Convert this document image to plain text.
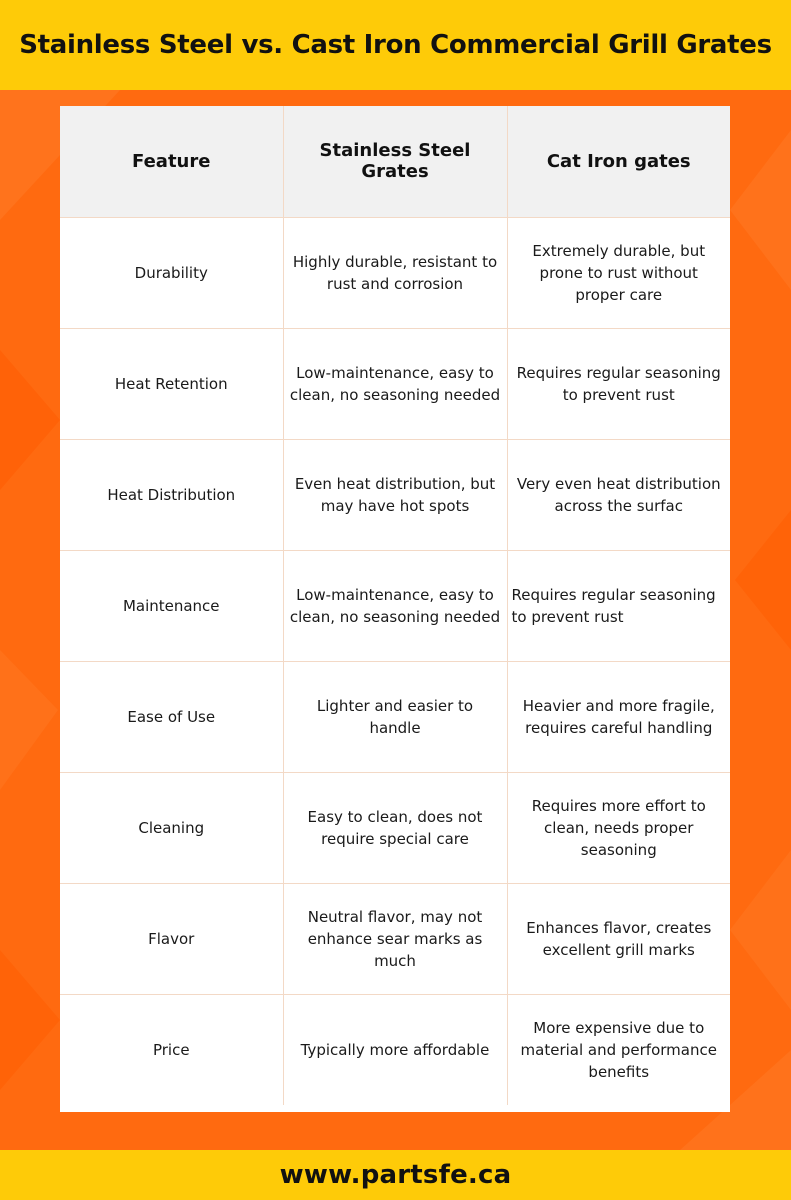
Stainless Steel vs. Cast Iron Commercial Grill Grates
Feature	Stainless Steel Grates	Cat Iron gates
Durability	Highly durable, resistant to rust and corrosion	Extremely durable, but prone to rust without proper care
Heat Retention	Low-maintenance, easy to clean, no seasoning needed	Requires regular seasoning to prevent rust
Heat Distribution	Even heat distribution, but may have hot spots	Very even heat distribution across the surfac
Maintenance	Low-maintenance, easy to clean, no seasoning needed	Requires regular seasoning to prevent rust
Ease of Use	Lighter and easier to handle	Heavier and more fragile, requires careful handling
Cleaning	Easy to clean, does not require special care	Requires more effort to clean, needs proper seasoning
Flavor	Neutral flavor, may not enhance sear marks as much	Enhances flavor, creates excellent grill marks
Price	Typically more affordable	More expensive due to material and performance benefits
www.partsfe.ca
